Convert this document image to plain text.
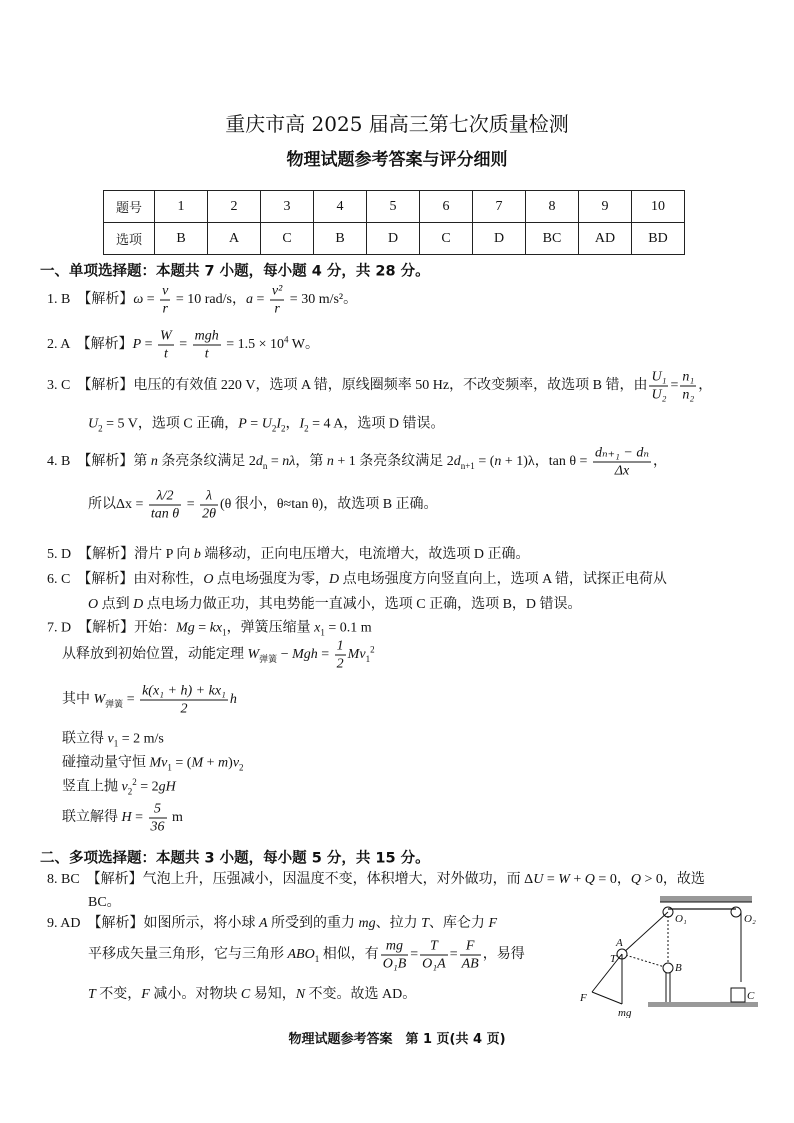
重庆市高 2025 届高三第七次质量检测
物理试题参考答案与评分细则
题号	1	2	3	4	5	6	7	8	9	10
选项	B	A	C	B	D	C	D	BC	AD	BD
一、单项选择题：本题共 7 小题，每小题 4 分，共 28 分。
二、多项选择题：本题共 3 小题，每小题 5 分，共 15 分。
1. B　【解析】$\omega = \frac{v}{r} = 10$ rad/s，$a = \frac{\text{v²}}{r} = 30$ m/s²。
2. A　【解析】$P = \frac{W}{t} = \frac{\text{mgh}}{t} = 1.5 \times 10^4$ W。
3. C　【解析】电压的有效值 220 V，选项 A 错，原线圈频率 50 Hz，不改变频率，故选项 B 错，由 $\frac{\text{U₁}}{\text{U₂}} = \frac{\text{n₁}}{\text{n₂}}$ ，
$U_2 = 5$ V，选项 C 正确，$P = U_2I_2$，$I_2 = 4$ A，选项 D 错误。
4. B　【解析】第 n 条亮条纹满足 $2d_n = n\lambda$，第 n + 1 条亮条纹满足 $2d_{n+1} = (n + 1)\lambda$，$\tan \theta = \frac{\text{dₙ₊₁ − dₙ}}{\Delta x}$ ，
所以$\Delta x = \frac{\lambda/2}{\text{tan θ}} = \frac{\lambda}{2\theta} (\theta$ 很小，θ≈tan θ)，故选项 B 正确。
5. D　【解析】滑片 P 向 b 端移动，正向电压增大，电流增大，故选项 D 正确。
6. C　【解析】由对称性，O 点电场强度为零，D 点电场强度方向竖直向上，选项 A 错，试探正电荷从
O 点到 D 点电场力做正功，其电势能一直减小，选项 C 正确，选项 B，D 错误。
7. D　【解析】开始：$Mg = kx_1$，弹簧压缩量 $x_1 = 0.1$ m
从释放到初始位置，动能定理 $W_{弹簧}$ − Mgh = $\frac{1}{2} Mv_1^2$
其中 $W_{弹簧} = \frac{\text{k(x₁ + h) + kx₁}}{2}$ h
联立得 $v_1 = 2$ m/s
碰撞动量守恒 $Mv_1 = (M + m)v_2$
竖直上抛 $v_2^2 = 2gH$
联立解得 $H = \frac{5}{36}$ m
8. BC　【解析】气泡上升，压强减小，因温度不变，体积增大，对外做功，而 ΔU = W + Q = 0，Q > 0，故选
BC。
9. AD　【解析】如图所示，将小球 A 所受到的重力 mg、拉力 T、库仑力 F
平移成矢量三角形，它与三角形 $ABO_1$ 相似，有 $\frac{mg}{\text{O₁B}} = \frac{T}{\text{O₁A}} = \frac{F}{AB}$ ，易得
T 不变，F 减小。对物块 C 易知，N 不变。故选 AD。
O₁	O₂
A
B
T
F
mg
C
物理试题参考答案　第 1 页(共 4 页)
